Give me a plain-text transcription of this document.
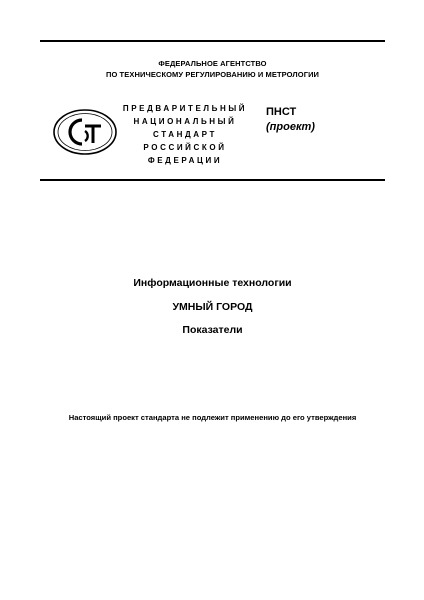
ФЕДЕРАЛЬНОЕ АГЕНТСТВО
ПО ТЕХНИЧЕСКОМУ РЕГУЛИРОВАНИЮ И МЕТРОЛОГИИ
ПРЕДВАРИТЕЛЬНЫЙ
НАЦИОНАЛЬНЫЙ
СТАНДАРТ
РОССИЙСКОЙ
ФЕДЕРАЦИИ
ПНСТ
(проект)
Информационные технологии
УМНЫЙ ГОРОД
Показатели
Настоящий проект стандарта не подлежит применению до его утверждения
